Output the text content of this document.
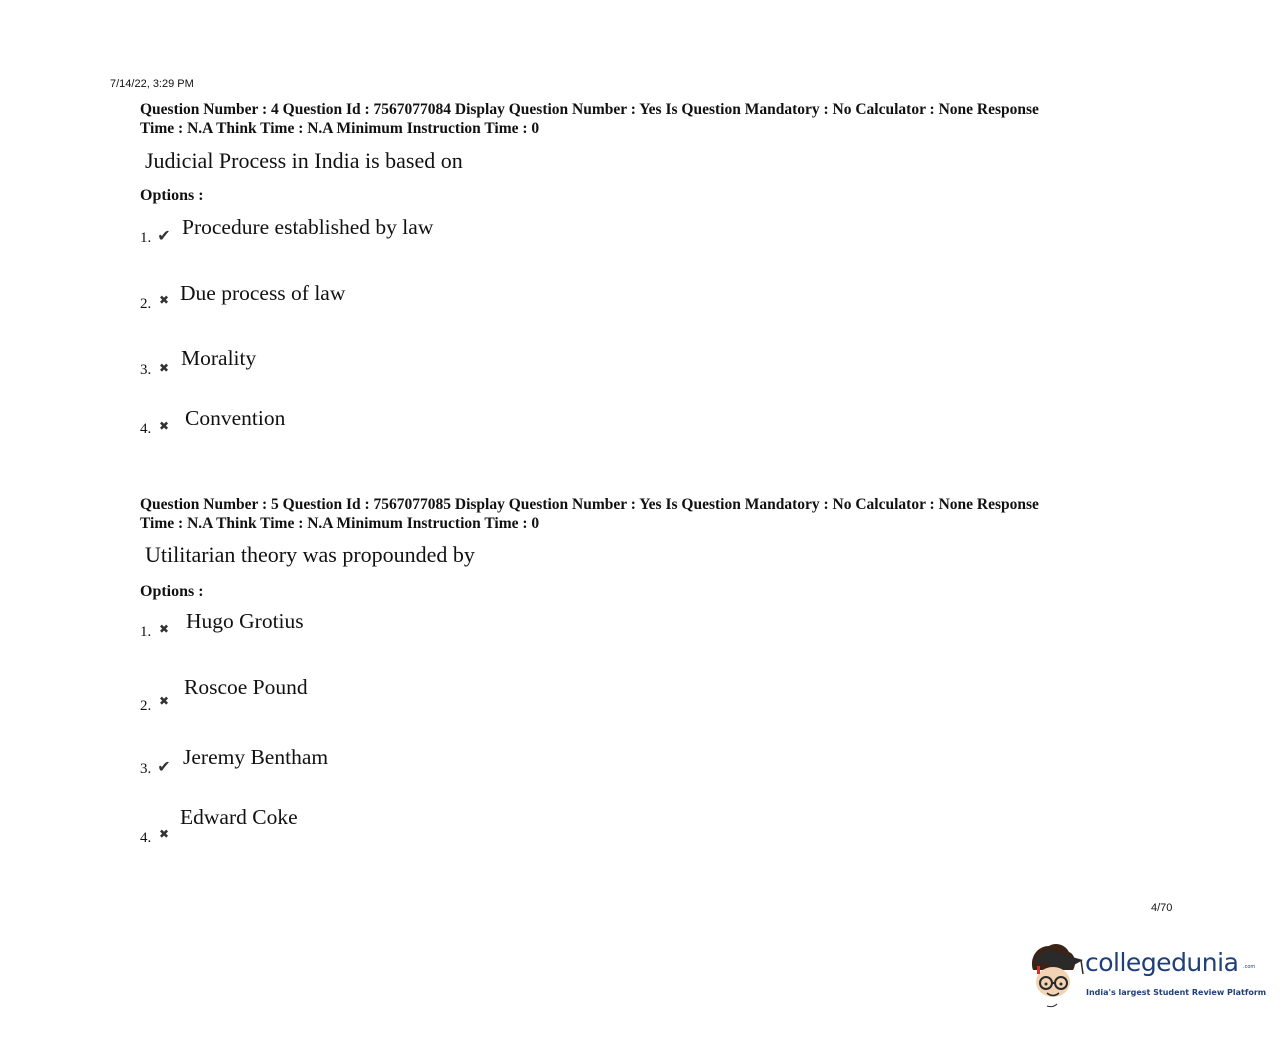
7/14/22, 3:29 PM
Question Number : 4 Question Id : 7567077084 Display Question Number : Yes Is Question Mandatory : No Calculator : None Response
Time : N.A Think Time : N.A Minimum Instruction Time : 0
Judicial Process in India is based on
Options :
1. ✔ Procedure established by law
2. ✖ Due process of law
3. ✖ Morality
4. ✖ Convention
Question Number : 5 Question Id : 7567077085 Display Question Number : Yes Is Question Mandatory : No Calculator : None Response
Time : N.A Think Time : N.A Minimum Instruction Time : 0
Utilitarian theory was propounded by
Options :
1. ✖ Hugo Grotius
2. ✖
Roscoe Pound
3. ✔ Jeremy Bentham
4. ✖
Edward Coke
4/70
collegedunia .com
India's largest Student Review Platform
